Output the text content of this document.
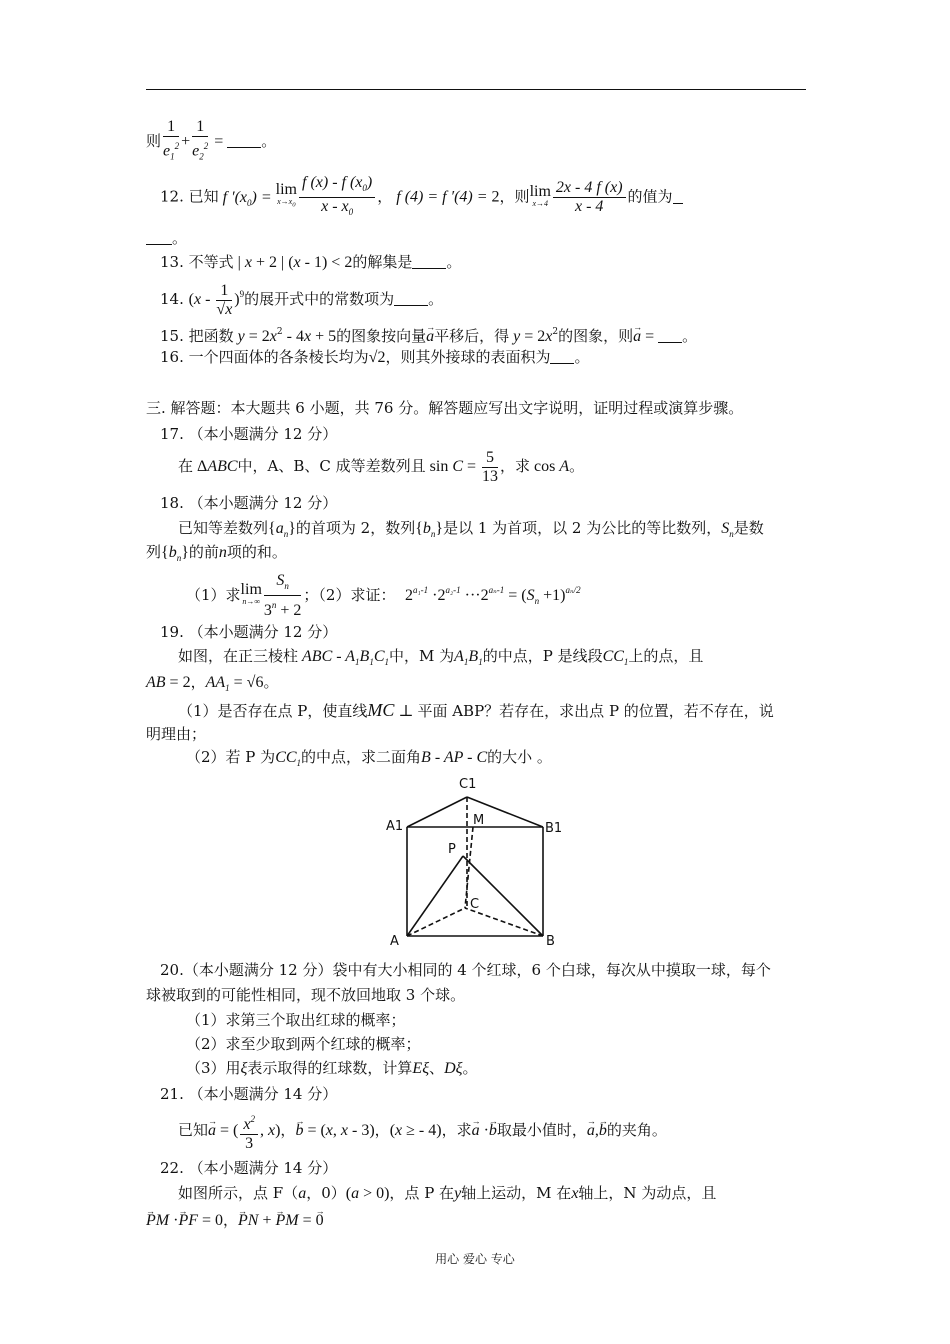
则 $\frac{1}{e_1^2} + \frac{1}{e_2^2}$ = 。
12. 已知 f $'(x_0) = \lim$
$x\to x_0 \frac{f (x) - f (x_0)}{x - x_0}$ ， f (4) = f ′(4) = 2，则 lim
$x\to 4 \frac{2x - 4 f (x)}{x - 4}$ 的值为
。
13. 不等式 | x + 2 | (x - 1) < 2的解集是 。
14. $(x - \frac{1}{√x} )^9$的展开式中的常数项为 。
15. 把函数 $y = 2x^2 - 4x + 5$的图象按向量→ a平移后，得 $y = 2x^2$的图象，则→ a = 。
16. 一个四面体的各条棱长均为√2，则其外接球的表面积为 。
三. 解答题：本大题共 6 小题，共 76 分。解答题应写出文字说明，证明过程或演算步骤。
17. （本小题满分 12 分）
在 ΔABC中，A、B、C 成等差数列且 $\sin C = \frac{5}{13}$ ，求 cos A。
18. （本小题满分 12 分）
已知等差数列$\{a_n\}$的首项为 2，数列$\{b_n\}$是以 1 为首项，以 2 为公比的等比数列，$S_n$是数
列$\{b_n\}$的前n项的和。
（1）求 lim
$n\to\infty \frac{S_n}{3^n + 2}$ ；（2）求证： $2^{a_1-1} \cdot 2^{a_2-1} \cdot\cdot\cdot 2^{a_n-1} = (S_n +1)^{a_n/2}$
19. （本小题满分 12 分）
如图，在正三棱柱 ABC - $A_1B_1C_1$中，M 为$A_1B_1$的中点，P 是线段$CC_1$上的点，且
AB = 2，$AA_1 = √6$。
（1）是否存在点 P，使直线MC ⊥ 平面 ABP？若存在，求出点 P 的位置，若不存在，说
明理由；
（2）若 P 为$CC_1$的中点，求二面角B - AP - C的大小 。
C1
A1	M
B1
P
C
A	B
20.（本小题满分 12 分）袋中有大小相同的 4 个红球，6 个白球，每次从中摸取一球，每个
球被取到的可能性相同，现不放回地取 3 个球。
（1）求第三个取出红球的概率；
（2）求至少取到两个红球的概率；
（3）用ξ表示取得的红球数，计算Eξ、Dξ。
21. （本小题满分 14 分）
已知→ a = ( $\frac{x^2}{3}$ , x)，→ b = (x, x - 3)，(x ≥ - 4)，求→ a ·→ b取最小值时，→ a,→ b的夹角。
22. （本小题满分 14 分）
如图所示，点 F（a，0）(a > 0)，点 P 在y轴上运动，M 在x轴上，N 为动点，且
→ PM ·→ PF = 0，→ PN + → PM = → 0
用心 爱心 专心
